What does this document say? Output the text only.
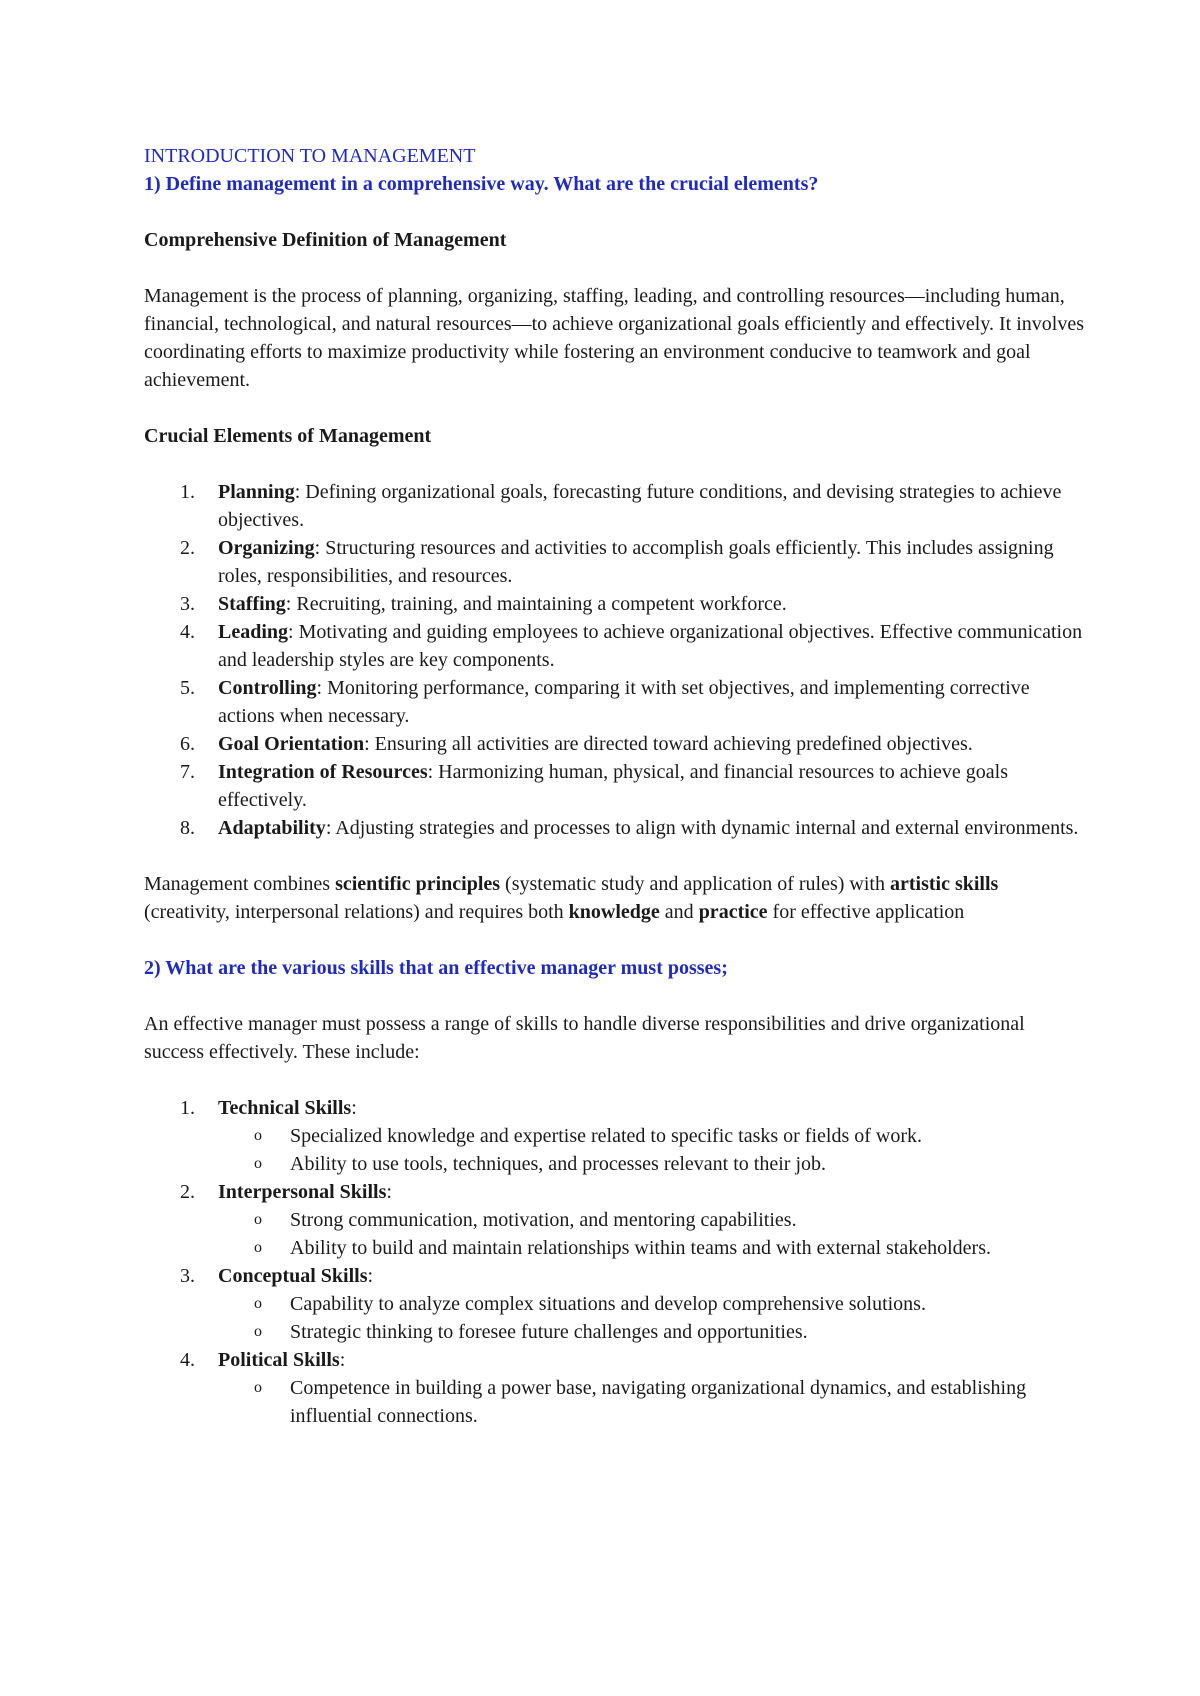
INTRODUCTION TO MANAGEMENT

1) Define management in a comprehensive way. What are the crucial elements?

Comprehensive Definition of Management

Management is the process of planning, organizing, staffing, leading, and controlling resources—including human, financial, technological, and natural resources—to achieve organizational goals efficiently and effectively. It involves coordinating efforts to maximize productivity while fostering an environment conducive to teamwork and goal achievement.

Crucial Elements of Management

1.	Planning: Defining organizational goals, forecasting future conditions, and devising strategies to achieve objectives.
2.	Organizing: Structuring resources and activities to accomplish goals efficiently. This includes assigning roles, responsibilities, and resources.
3.	Staffing: Recruiting, training, and maintaining a competent workforce.
4.	Leading: Motivating and guiding employees to achieve organizational objectives. Effective communication and leadership styles are key components.
5.	Controlling: Monitoring performance, comparing it with set objectives, and implementing corrective actions when necessary.
6.	Goal Orientation: Ensuring all activities are directed toward achieving predefined objectives.
7.	Integration of Resources: Harmonizing human, physical, and financial resources to achieve goals effectively.
8.	Adaptability: Adjusting strategies and processes to align with dynamic internal and external environments.

Management combines scientific principles (systematic study and application of rules) with artistic skills (creativity, interpersonal relations) and requires both knowledge and practice for effective application

2) What are the various skills that an effective manager must posses;

An effective manager must possess a range of skills to handle diverse responsibilities and drive organizational success effectively. These include:

1.	Technical Skills:
o Specialized knowledge and expertise related to specific tasks or fields of work.
o Ability to use tools, techniques, and processes relevant to their job.
2.	Interpersonal Skills:
o Strong communication, motivation, and mentoring capabilities.
o Ability to build and maintain relationships within teams and with external stakeholders.
3.	Conceptual Skills:
o Capability to analyze complex situations and develop comprehensive solutions.
o Strategic thinking to foresee future challenges and opportunities.
4.	Political Skills:
o Competence in building a power base, navigating organizational dynamics, and establishing influential connections.
